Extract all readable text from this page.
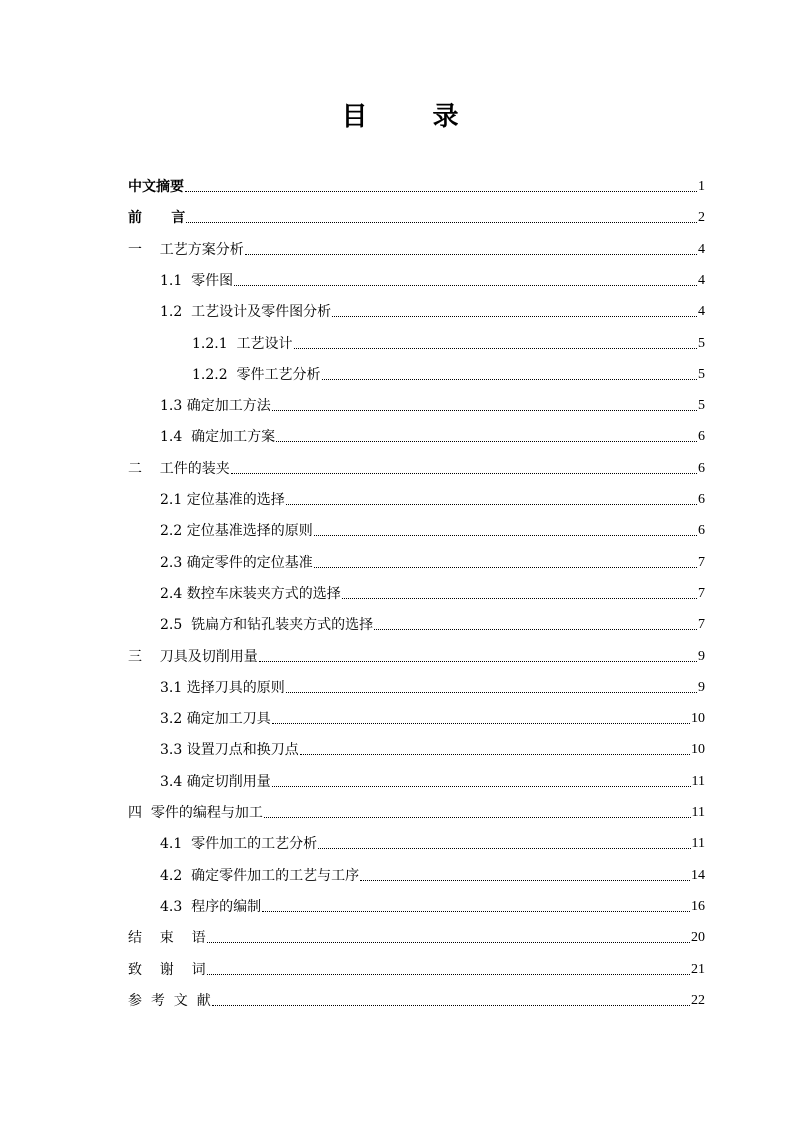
目 录
中文摘要	1
前      言	2
一    工艺方案分析	4
1.1  零件图	4
1.2  工艺设计及零件图分析	4
1.2.1  工艺设计	5
1.2.2  零件工艺分析	5
1.3 确定加工方法	5
1.4  确定加工方案	6
二    工件的装夹	6
2.1 定位基准的选择	6
2.2 定位基准选择的原则	6
2.3 确定零件的定位基准	7
2.4 数控车床装夹方式的选择	7
2.5  铣扁方和钻孔装夹方式的选择	7
三    刀具及切削用量	9
3.1 选择刀具的原则	9
3.2 确定加工刀具	10
3.3 设置刀点和换刀点	10
3.4 确定切削用量	11
四  零件的编程与加工	11
4.1  零件加工的工艺分析	11
4.2  确定零件加工的工艺与工序	14
4.3  程序的编制	16
结    束    语	20
致    谢    词	21
参  考  文  献	22
